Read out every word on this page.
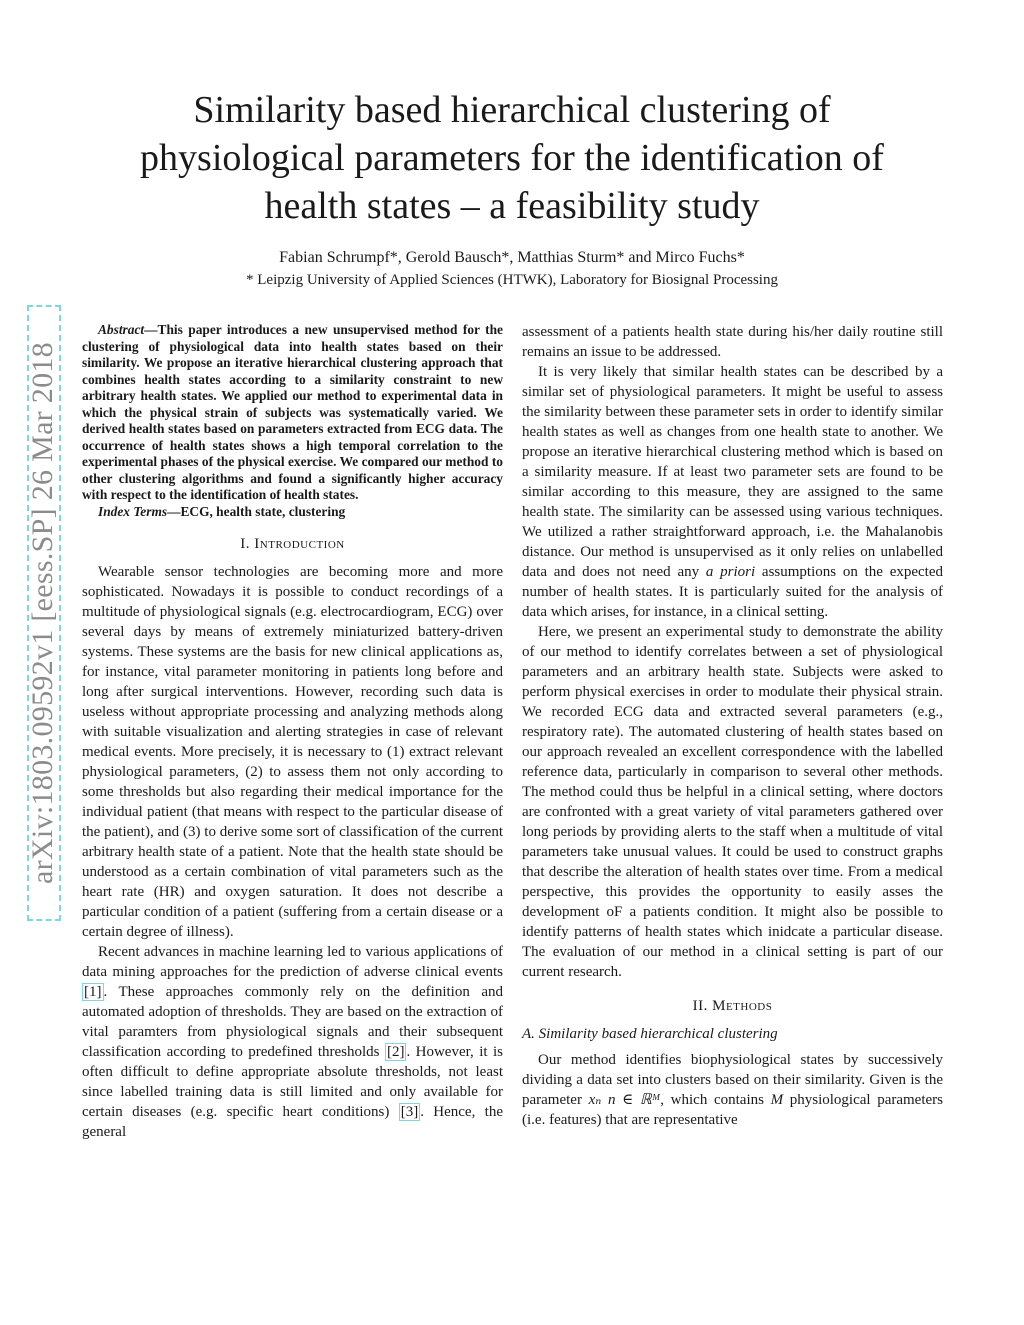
Similarity based hierarchical clustering of
physiological parameters for the identification of
health states – a feasibility study
Fabian Schrumpf*, Gerold Bausch*, Matthias Sturm* and Mirco Fuchs*
* Leipzig University of Applied Sciences (HTWK), Laboratory for Biosignal Processing
arXiv:1803.09592v1 [eess.SP] 26 Mar 2018

Abstract—This paper introduces a new unsupervised method for the clustering of physiological data into health states based on their similarity. We propose an iterative hierarchical clustering approach that combines health states according to a similarity constraint to new arbitrary health states. We applied our method to experimental data in which the physical strain of subjects was systematically varied. We derived health states based on parameters extracted from ECG data. The occurrence of health states shows a high temporal correlation to the experimental phases of the physical exercise. We compared our method to other clustering algorithms and found a significantly higher accuracy with respect to the identification of health states.

Index Terms—ECG, health state, clustering

I. Introduction

Wearable sensor technologies are becoming more and more sophisticated. Nowadays it is possible to conduct recordings of a multitude of physiological signals (e.g. electrocardiogram, ECG) over several days by means of extremely miniaturized battery-driven systems. These systems are the basis for new clinical applications as, for instance, vital parameter monitoring in patients long before and long after surgical interventions. However, recording such data is useless without appropriate processing and analyzing methods along with suitable visualization and alerting strategies in case of relevant medical events. More precisely, it is necessary to (1) extract relevant physiological parameters, (2) to assess them not only according to some thresholds but also regarding their medical importance for the individual patient (that means with respect to the particular disease of the patient), and (3) to derive some sort of classification of the current arbitrary health state of a patient. Note that the health state should be understood as a certain combination of vital parameters such as the heart rate (HR) and oxygen saturation. It does not describe a particular condition of a patient (suffering from a certain disease or a certain degree of illness).

Recent advances in machine learning led to various applications of data mining approaches for the prediction of adverse clinical events [1] . These approaches commonly rely on the definition and automated adoption of thresholds. They are based on the extraction of vital paramters from physiological signals and their subsequent classification according to predefined thresholds [2] . However, it is often difficult to define appropriate absolute thresholds, not least since labelled training data is still limited and only available for certain diseases (e.g. specific heart conditions) [3] . Hence, the general

assessment of a patients health state during his/her daily routine still remains an issue to be addressed.

It is very likely that similar health states can be described by a similar set of physiological parameters. It might be useful to assess the similarity between these parameter sets in order to identify similar health states as well as changes from one health state to another. We propose an iterative hierarchical clustering method which is based on a similarity measure. If at least two parameter sets are found to be similar according to this measure, they are assigned to the same health state. The similarity can be assessed using various techniques. We utilized a rather straightforward approach, i.e. the Mahalanobis distance. Our method is unsupervised as it only relies on unlabelled data and does not need any a priori assumptions on the expected number of health states. It is particularly suited for the analysis of data which arises, for instance, in a clinical setting.

Here, we present an experimental study to demonstrate the ability of our method to identify correlates between a set of physiological parameters and an arbitrary health state. Subjects were asked to perform physical exercises in order to modulate their physical strain. We recorded ECG data and extracted several parameters (e.g., respiratory rate). The automated clustering of health states based on our approach revealed an excellent correspondence with the labelled reference data, particularly in comparison to several other methods. The method could thus be helpful in a clinical setting, where doctors are confronted with a great variety of vital parameters gathered over long periods by providing alerts to the staff when a multitude of vital parameters take unusual values. It could be used to construct graphs that describe the alteration of health states over time. From a medical perspective, this provides the opportunity to easily asses the development oF a patients condition. It might also be possible to identify patterns of health states which inidcate a particular disease. The evaluation of our method in a clinical setting is part of our current research.

II. Methods
A. Similarity based hierarchical clustering

Our method identifies biophysiological states by successively dividing a data set into clusters based on their similarity. Given is the parameter xₙ n ∈ ℝᴹ, which contains M physiological parameters (i.e. features) that are representative
